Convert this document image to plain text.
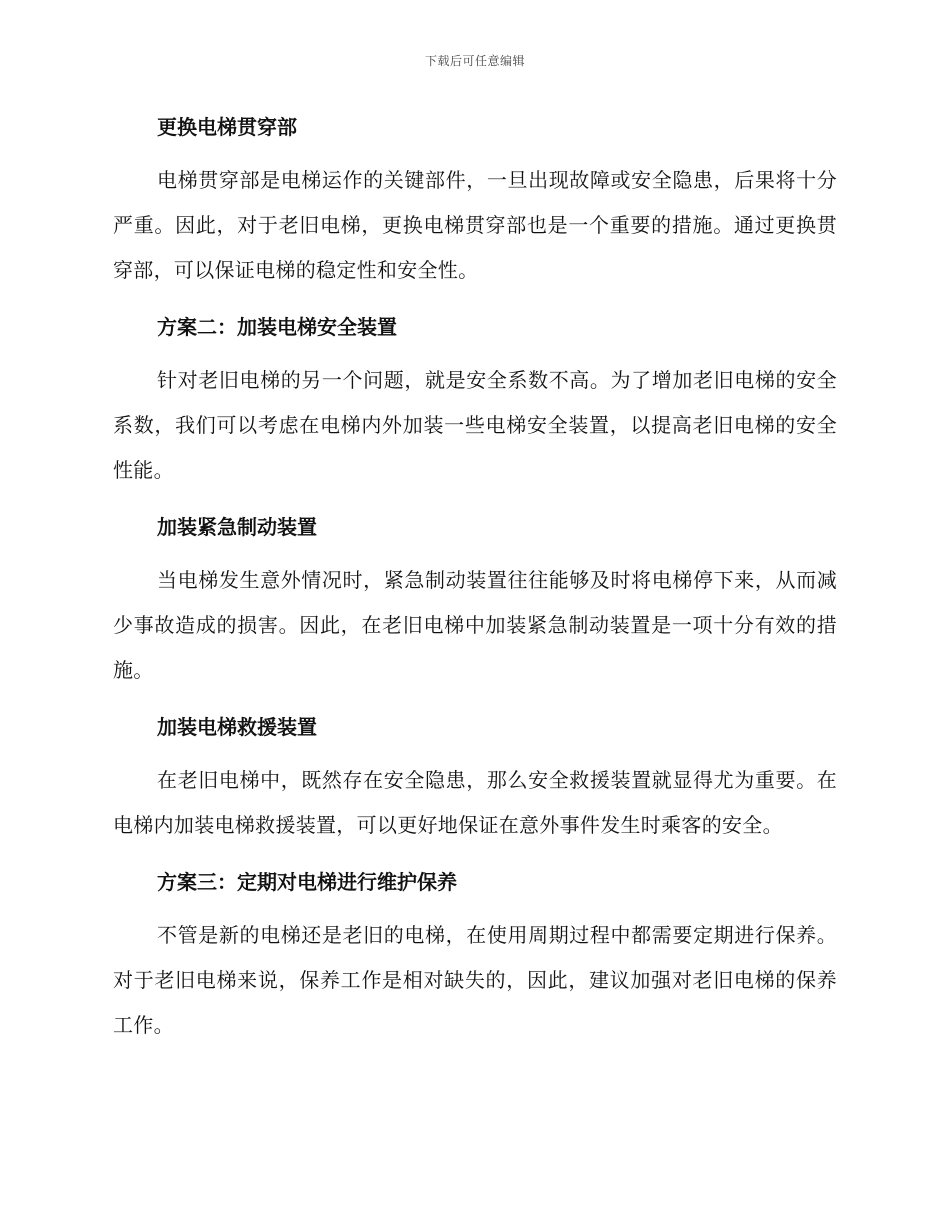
下载后可任意编辑
更换电梯贯穿部

电梯贯穿部是电梯运作的关键部件，一旦出现故障或安全隐患，后果将十分严重。因此，对于老旧电梯，更换电梯贯穿部也是一个重要的措施。通过更换贯穿部，可以保证电梯的稳定性和安全性。

方案二：加装电梯安全装置

针对老旧电梯的另一个问题，就是安全系数不高。为了增加老旧电梯的安全系数，我们可以考虑在电梯内外加装一些电梯安全装置，以提高老旧电梯的安全性能。

加装紧急制动装置

当电梯发生意外情况时，紧急制动装置往往能够及时将电梯停下来，从而减少事故造成的损害。因此，在老旧电梯中加装紧急制动装置是一项十分有效的措施。

加装电梯救援装置

在老旧电梯中，既然存在安全隐患，那么安全救援装置就显得尤为重要。在电梯内加装电梯救援装置，可以更好地保证在意外事件发生时乘客的安全。

方案三：定期对电梯进行维护保养

不管是新的电梯还是老旧的电梯，在使用周期过程中都需要定期进行保养。对于老旧电梯来说，保养工作是相对缺失的，因此，建议加强对老旧电梯的保养工作。
